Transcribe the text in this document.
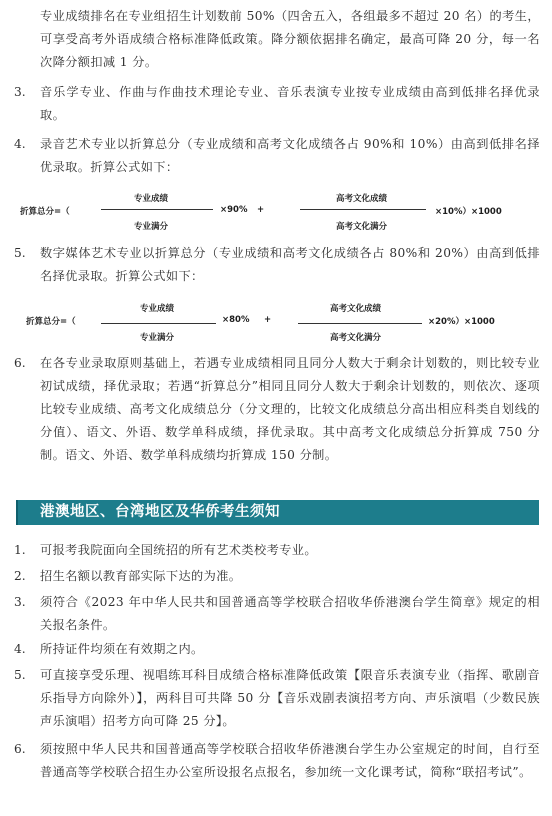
专业成绩排名在专业组招生计划数前 50%（四舍五入，各组最多不超过 20 名）的考生，可享受高考外语成绩合格标准降低政策。降分额依据排名确定，最高可降 20 分，每一名次降分额扣减 1 分。

3.	音乐学专业、作曲与作曲技术理论专业、音乐表演专业按专业成绩由高到低排名择优录取。

4.	录音艺术专业以折算总分（专业成绩和高考文化成绩各占 90%和 10%）由高到低排名择优录取。折算公式如下：

折算总分=（
专业成绩
专业满分
×90% +
高考文化成绩
高考文化满分
×10%）×1000
5.	数字媒体艺术专业以折算总分（专业成绩和高考文化成绩各占 80%和 20%）由高到低排名择优录取。折算公式如下：

折算总分=（
专业成绩
专业满分
×80% +
高考文化成绩
高考文化满分
×20%）×1000
6.	在各专业录取原则基础上，若遇专业成绩相同且同分人数大于剩余计划数的，则比较专业初试成绩，择优录取；若遇“折算总分”相同且同分人数大于剩余计划数的，则依次、逐项比较专业成绩、高考文化成绩总分（分文理的，比较文化成绩总分高出相应科类自划线的分值）、语文、外语、数学单科成绩，择优录取。其中高考文化成绩总分折算成 750 分制。语文、外语、数学单科成绩均折算成 150 分制。

港澳地区、台湾地区及华侨考生须知
1.	可报考我院面向全国统招的所有艺术类校考专业。

2.	招生名额以教育部实际下达的为准。

3.	须符合《2023 年中华人民共和国普通高等学校联合招收华侨港澳台学生简章》规定的相关报名条件。

4.	所持证件均须在有效期之内。

5.	可直接享受乐理、视唱练耳科目成绩合格标准降低政策【限音乐表演专业（指挥、歌剧音乐指导方向除外）】，两科目可共降 50 分【音乐戏剧表演招考方向、声乐演唱（少数民族声乐演唱）招考方向可降 25 分】。

6.	须按照中华人民共和国普通高等学校联合招收华侨港澳台学生办公室规定的时间，自行至普通高等学校联合招生办公室所设报名点报名，参加统一文化课考试，简称“联招考试”。
